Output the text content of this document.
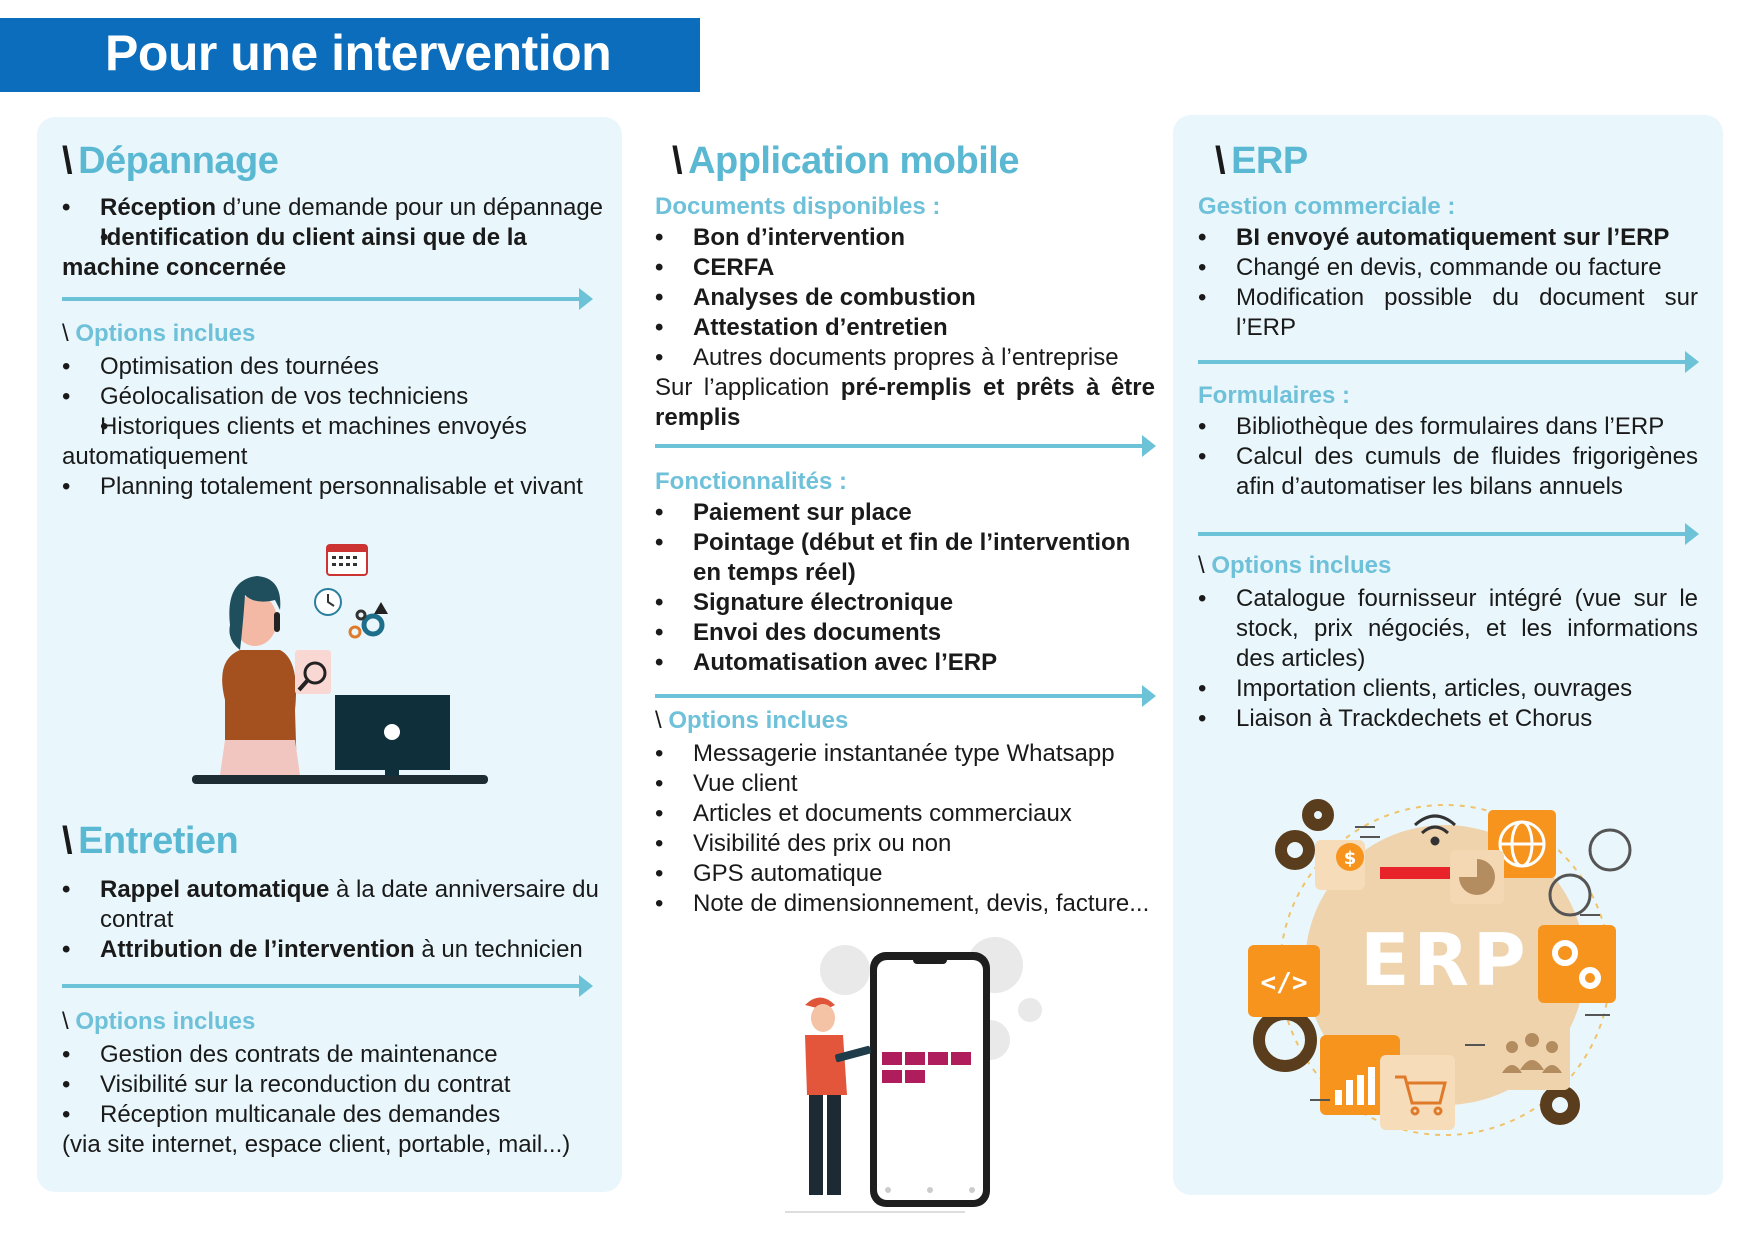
Pour une intervention

\ Dépannage

• Réception d’une demande pour un dépannage
• Identification du client ainsi que de la machine concernée

\ Options inclues

• Optimisation des tournées
• Géolocalisation de vos techniciens
• Historiques clients et machines envoyés automatiquement
• Planning totalement personnalisable et vivant

\ Entretien

• Rappel automatique à la date anniversaire du contrat
• Attribution de l’intervention à un technicien

\ Options inclues

• Gestion des contrats de maintenance
• Visibilité sur la reconduction du contrat
• Réception multicanale des demandes

(via site internet, espace client, portable, mail...)

\ Application mobile

Documents disponibles :

• Bon d’intervention
• CERFA
• Analyses de combustion
• Attestation d’entretien
• Autres documents propres à l’entreprise

Sur l’application pré-remplis et prêts à être remplis

Fonctionnalités :

• Paiement sur place
• Pointage (début et fin de l’intervention en temps réel)
• Signature électronique
• Envoi des documents
• Automatisation avec l’ERP

\ Options inclues

• Messagerie instantanée type Whatsapp
• Vue client
• Articles et documents commerciaux
• Visibilité des prix ou non
• GPS automatique
• Note de dimensionnement, devis, facture...

\ ERP

Gestion commerciale :

• BI envoyé automatiquement sur l’ERP
• Changé en devis, commande ou facture
• Modification possible du document sur l’ERP

Formulaires :

• Bibliothèque des formulaires dans l’ERP
• Calcul des cumuls de fluides frigorigènes afin d’automatiser les bilans annuels

\ Options inclues

• Catalogue fournisseur intégré (vue sur le stock, prix négociés, et les informations des articles)
• Importation clients, articles, ouvrages
• Liaison à Trackdechets et Chorus
$
ERP
</>
